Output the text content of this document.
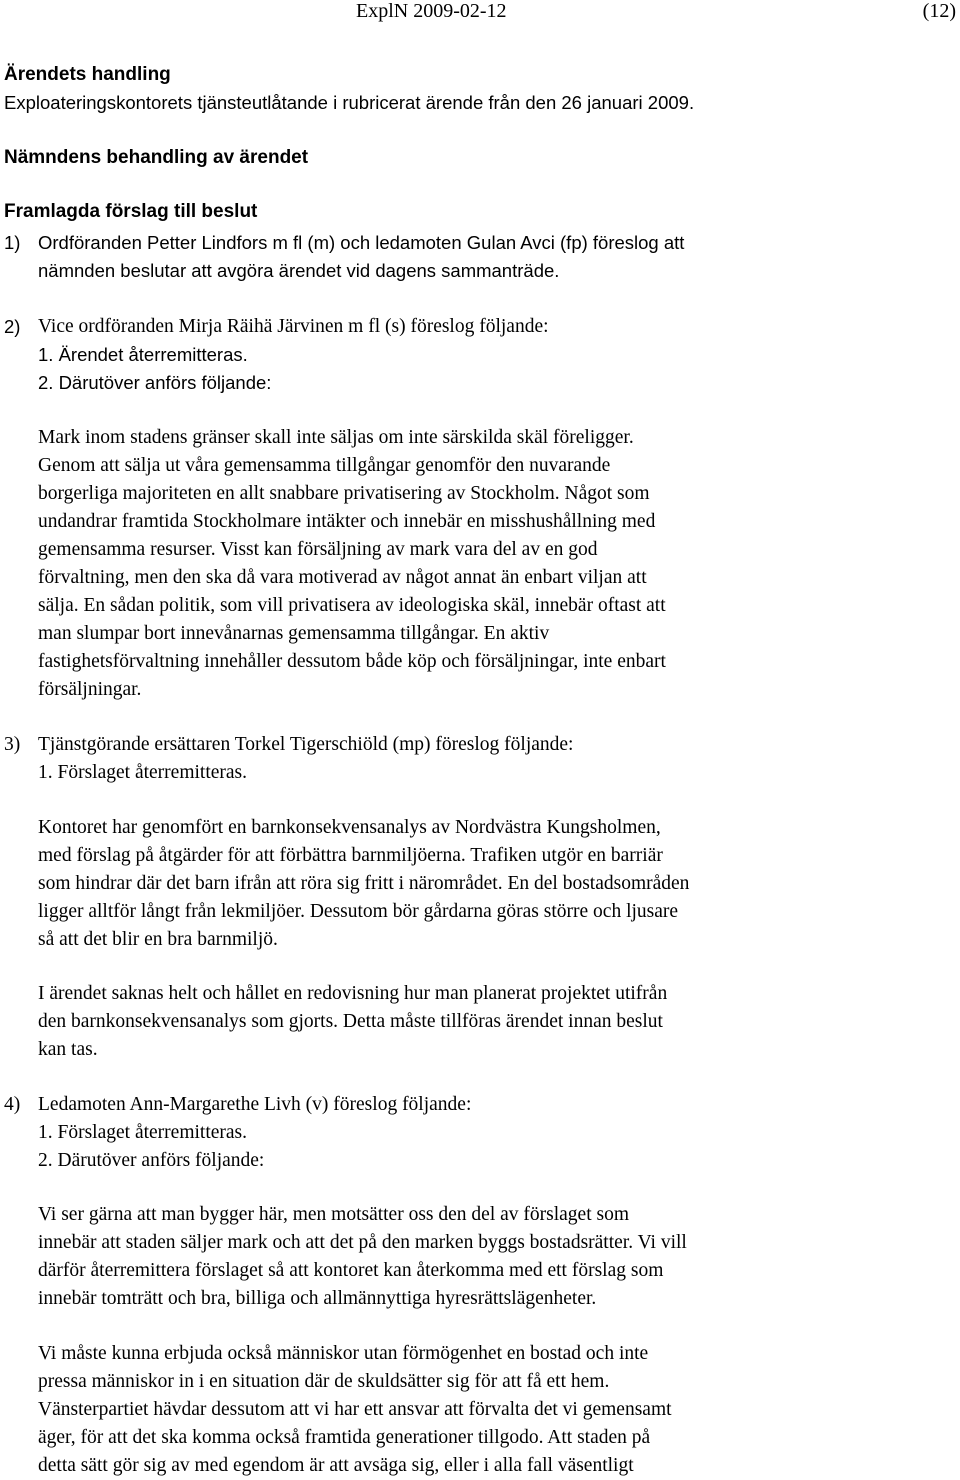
ExplN 2009-02-12	(12)
Ärendets handling
Exploateringskontorets tjänsteutlåtande i rubricerat ärende från den 26 januari 2009.
Nämndens behandling av ärendet
Framlagda förslag till beslut
1) Ordföranden Petter Lindfors m fl (m) och ledamoten Gulan Avci (fp) föreslog att
nämnden beslutar att avgöra ärendet vid dagens sammanträde.
2) Vice ordföranden Mirja Räihä Järvinen m fl (s) föreslog följande:
1. Ärendet återremitteras.
2. Därutöver anförs följande:
Mark inom stadens gränser skall inte säljas om inte särskilda skäl föreligger.
Genom att sälja ut våra gemensamma tillgångar genomför den nuvarande
borgerliga majoriteten en allt snabbare privatisering av Stockholm. Något som
undandrar framtida Stockholmare intäkter och innebär en misshushållning med
gemensamma resurser. Visst kan försäljning av mark vara del av en god
förvaltning, men den ska då vara motiverad av något annat än enbart viljan att
sälja. En sådan politik, som vill privatisera av ideologiska skäl, innebär oftast att
man slumpar bort innevånarnas gemensamma tillgångar. En aktiv
fastighetsförvaltning innehåller dessutom både köp och försäljningar, inte enbart
försäljningar.
3) Tjänstgörande ersättaren Torkel Tigerschiöld (mp) föreslog följande:
1. Förslaget återremitteras.
Kontoret har genomfört en barnkonsekvensanalys av Nordvästra Kungsholmen,
med förslag på åtgärder för att förbättra barnmiljöerna. Trafiken utgör en barriär
som hindrar där det barn ifrån att röra sig fritt i närområdet. En del bostadsområden
ligger alltför långt från lekmiljöer. Dessutom bör gårdarna göras större och ljusare
så att det blir en bra barnmiljö.
I ärendet saknas helt och hållet en redovisning hur man planerat projektet utifrån
den barnkonsekvensanalys som gjorts. Detta måste tillföras ärendet innan beslut
kan tas.
4) Ledamoten Ann-Margarethe Livh (v) föreslog följande:
1. Förslaget återremitteras.
2. Därutöver anförs följande:
Vi ser gärna att man bygger här, men motsätter oss den del av förslaget som
innebär att staden säljer mark och att det på den marken byggs bostadsrätter. Vi vill
därför återremittera förslaget så att kontoret kan återkomma med ett förslag som
innebär tomträtt och bra, billiga och allmännyttiga hyresrättslägenheter.
Vi måste kunna erbjuda också människor utan förmögenhet en bostad och inte
pressa människor in i en situation där de skuldsätter sig för att få ett hem.
Vänsterpartiet hävdar dessutom att vi har ett ansvar att förvalta det vi gemensamt
äger, för att det ska komma också framtida generationer tillgodo. Att staden på
detta sätt gör sig av med egendom är att avsäga sig, eller i alla fall väsentligt
